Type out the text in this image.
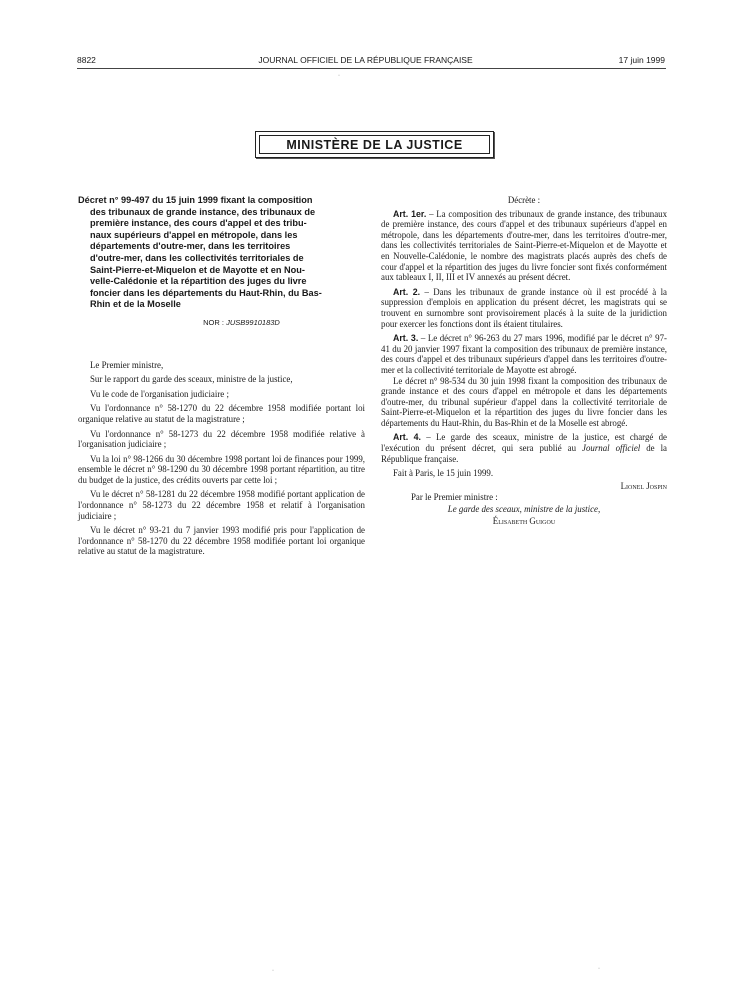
8822	JOURNAL OFFICIEL DE LA RÉPUBLIQUE FRANÇAISE	17 juin 1999
MINISTÈRE DE LA JUSTICE

Décret n° 99-497 du 15 juin 1999 fixant la composition

des tribunaux de grande instance, des tribunaux de

première instance, des cours d'appel et des tribu-

naux supérieurs d'appel en métropole, dans les

départements d'outre-mer, dans les territoires

d'outre-mer, dans les collectivités territoriales de

Saint-Pierre-et-Miquelon et de Mayotte et en Nou-

velle-Calédonie et la répartition des juges du livre

foncier dans les départements du Haut-Rhin, du Bas-

Rhin et de la Moselle

NOR : JUSB9910183D

Le Premier ministre,

Sur le rapport du garde des sceaux, ministre de la justice,

Vu le code de l'organisation judiciaire ;

Vu l'ordonnance n° 58-1270 du 22 décembre 1958 modifiée portant loi organique relative au statut de la magistrature ;

Vu l'ordonnance n° 58-1273 du 22 décembre 1958 modifiée relative à l'organisation judiciaire ;

Vu la loi n° 98-1266 du 30 décembre 1998 portant loi de finances pour 1999, ensemble le décret n° 98-1290 du 30 décembre 1998 portant répartition, au titre du budget de la justice, des crédits ouverts par cette loi ;

Vu le décret n° 58-1281 du 22 décembre 1958 modifié portant application de l'ordonnance n° 58-1273 du 22 décembre 1958 et relatif à l'organisation judiciaire ;

Vu le décret n° 93-21 du 7 janvier 1993 modifié pris pour l'application de l'ordonnance n° 58-1270 du 22 décembre 1958 modifiée portant loi organique relative au statut de la magistrature.

Décrète :

Art. 1er. – La composition des tribunaux de grande instance, des tribunaux de première instance, des cours d'appel et des tribunaux supérieurs d'appel en métropole, dans les départements d'outre-mer, dans les territoires d'outre-mer, dans les collectivités territoriales de Saint-Pierre-et-Miquelon et de Mayotte et en Nouvelle-Calédonie, le nombre des magistrats placés auprès des chefs de cour d'appel et la répartition des juges du livre foncier sont fixés conformément aux tableaux I, II, III et IV annexés au présent décret.

Art. 2. – Dans les tribunaux de grande instance où il est procédé à la suppression d'emplois en application du présent décret, les magistrats qui se trouvent en surnombre sont provisoirement placés à la suite de la juridiction pour exercer les fonctions dont ils étaient titulaires.

Art. 3. – Le décret n° 96-263 du 27 mars 1996, modifié par le décret n° 97-41 du 20 janvier 1997 fixant la composition des tribunaux de première instance, des cours d'appel et des tribunaux supérieurs d'appel dans les territoires d'outre-mer et la collectivité territoriale de Mayotte est abrogé.

Le décret n° 98-534 du 30 juin 1998 fixant la composition des tribunaux de grande instance et des cours d'appel en métropole et dans les départements d'outre-mer, du tribunal supérieur d'appel dans la collectivité territoriale de Saint-Pierre-et-Miquelon et la répartition des juges du livre foncier dans les départements du Haut-Rhin, du Bas-Rhin et de la Moselle est abrogé.

Art. 4. – Le garde des sceaux, ministre de la justice, est chargé de l'exécution du présent décret, qui sera publié au Journal officiel de la République française.

Fait à Paris, le 15 juin 1999.

Lionel Jospin

Par le Premier ministre :

Le garde des sceaux, ministre de la justice,

Élisabeth Guigou

·
·	·
